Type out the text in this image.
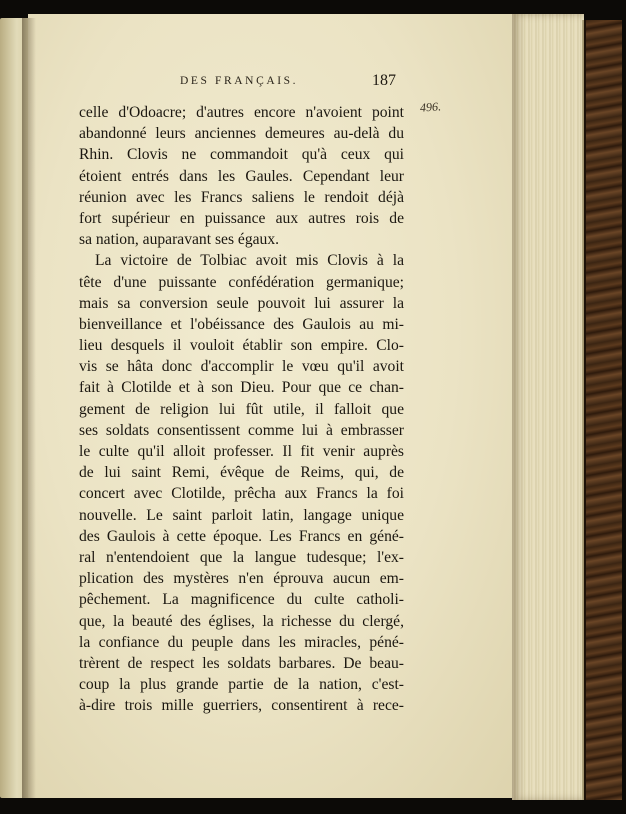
DES FRANÇAIS.	187
496.
celle d'Odoacre; d'autres encore n'avoient point
abandonné leurs anciennes demeures au-delà du
Rhin. Clovis ne commandoit qu'à ceux qui
étoient entrés dans les Gaules. Cependant leur
réunion avec les Francs saliens le rendoit déjà
fort supérieur en puissance aux autres rois de
sa nation, auparavant ses égaux.
La victoire de Tolbiac avoit mis Clovis à la
tête d'une puissante confédération germanique;
mais sa conversion seule pouvoit lui assurer la
bienveillance et l'obéissance des Gaulois au mi-
lieu desquels il vouloit établir son empire. Clo-
vis se hâta donc d'accomplir le vœu qu'il avoit
fait à Clotilde et à son Dieu. Pour que ce chan-
gement de religion lui fût utile, il falloit que
ses soldats consentissent comme lui à embrasser
le culte qu'il alloit professer. Il fit venir auprès
de lui saint Remi, évêque de Reims, qui, de
concert avec Clotilde, prêcha aux Francs la foi
nouvelle. Le saint parloit latin, langage unique
des Gaulois à cette époque. Les Francs en géné-
ral n'entendoient que la langue tudesque; l'ex-
plication des mystères n'en éprouva aucun em-
pêchement. La magnificence du culte catholi-
que, la beauté des églises, la richesse du clergé,
la confiance du peuple dans les miracles, péné-
trèrent de respect les soldats barbares. De beau-
coup la plus grande partie de la nation, c'est-
à-dire trois mille guerriers, consentirent à rece-
